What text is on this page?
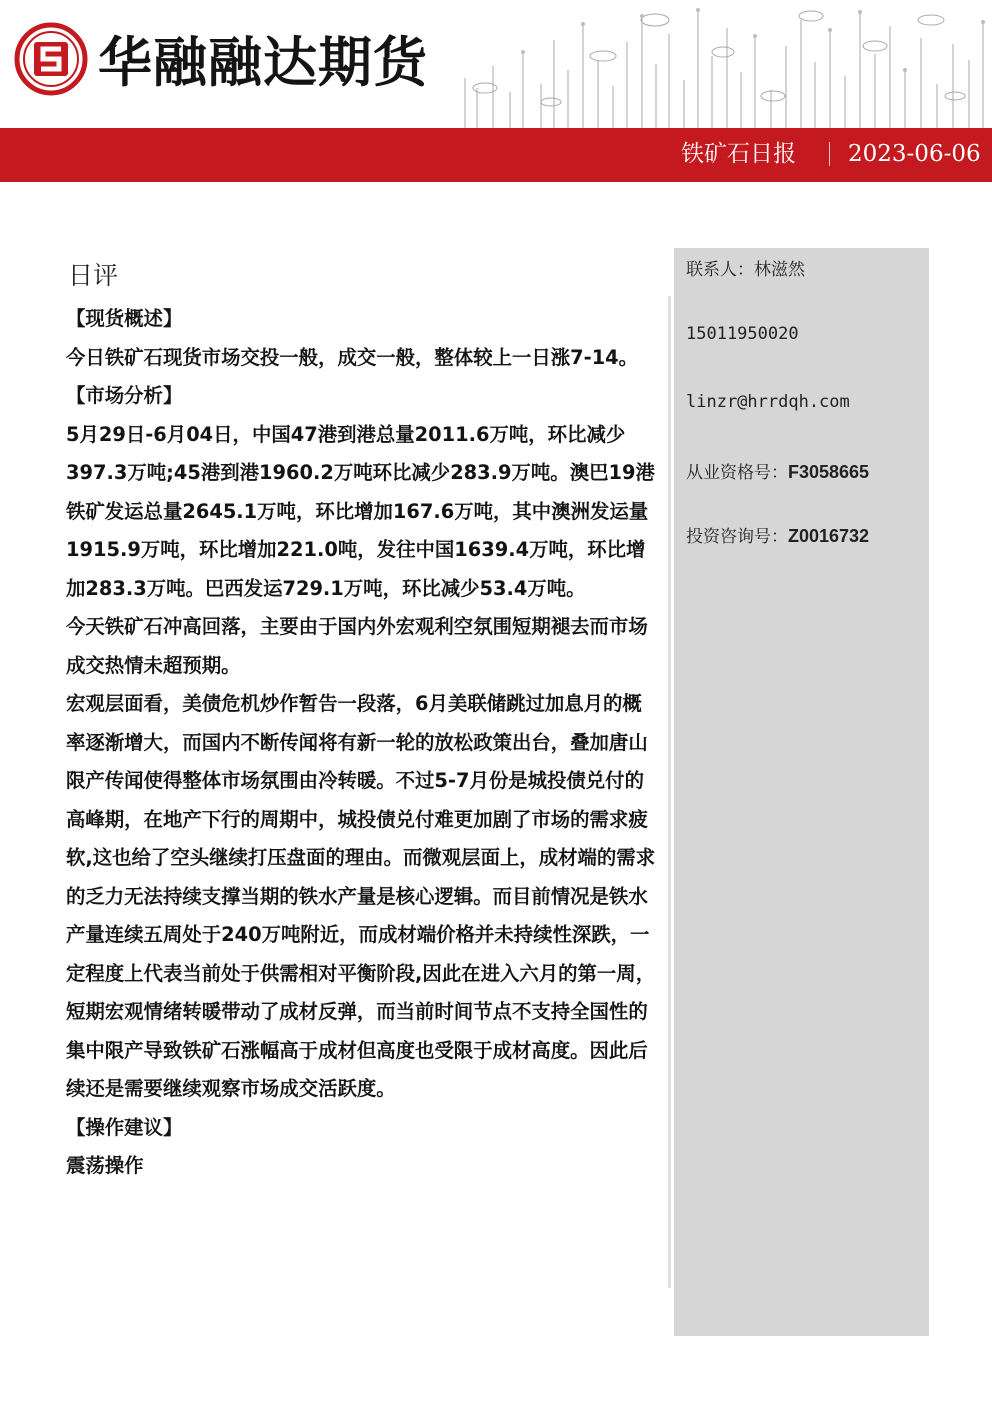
华融融达期货
铁矿石日报 2023-06-06
联系人：林滋然
15011950020
linzr@hrrdqh.com
从业资格号：F3058665
投资咨询号：Z0016732
日评

【现货概述】

今日铁矿石现货市场交投一般，成交一般，整体较上一日涨7-14。

【市场分析】

5月29日-6月04日，中国47港到港总量2011.6万吨，环比减少397.3万吨;45港到港1960.2万吨环比减少283.9万吨。澳巴19港铁矿发运总量2645.1万吨，环比增加167.6万吨，其中澳洲发运量1915.9万吨，环比增加221.0吨，发往中国1639.4万吨，环比增加283.3万吨。巴西发运729.1万吨，环比减少53.4万吨。

今天铁矿石冲高回落，主要由于国内外宏观利空氛围短期褪去而市场成交热情未超预期。

宏观层面看，美债危机炒作暂告一段落，6月美联储跳过加息月的概率逐渐增大，而国内不断传闻将有新一轮的放松政策出台，叠加唐山限产传闻使得整体市场氛围由冷转暖。不过5-7月份是城投债兑付的高峰期，在地产下行的周期中，城投债兑付难更加剧了市场的需求疲软,这也给了空头继续打压盘面的理由。而微观层面上，成材端的需求的乏力无法持续支撑当期的铁水产量是核心逻辑。而目前情况是铁水产量连续五周处于240万吨附近，而成材端价格并未持续性深跌，一定程度上代表当前处于供需相对平衡阶段,因此在进入六月的第一周，短期宏观情绪转暖带动了成材反弹，而当前时间节点不支持全国性的集中限产导致铁矿石涨幅高于成材但高度也受限于成材高度。因此后续还是需要继续观察市场成交活跃度。

【操作建议】

震荡操作
